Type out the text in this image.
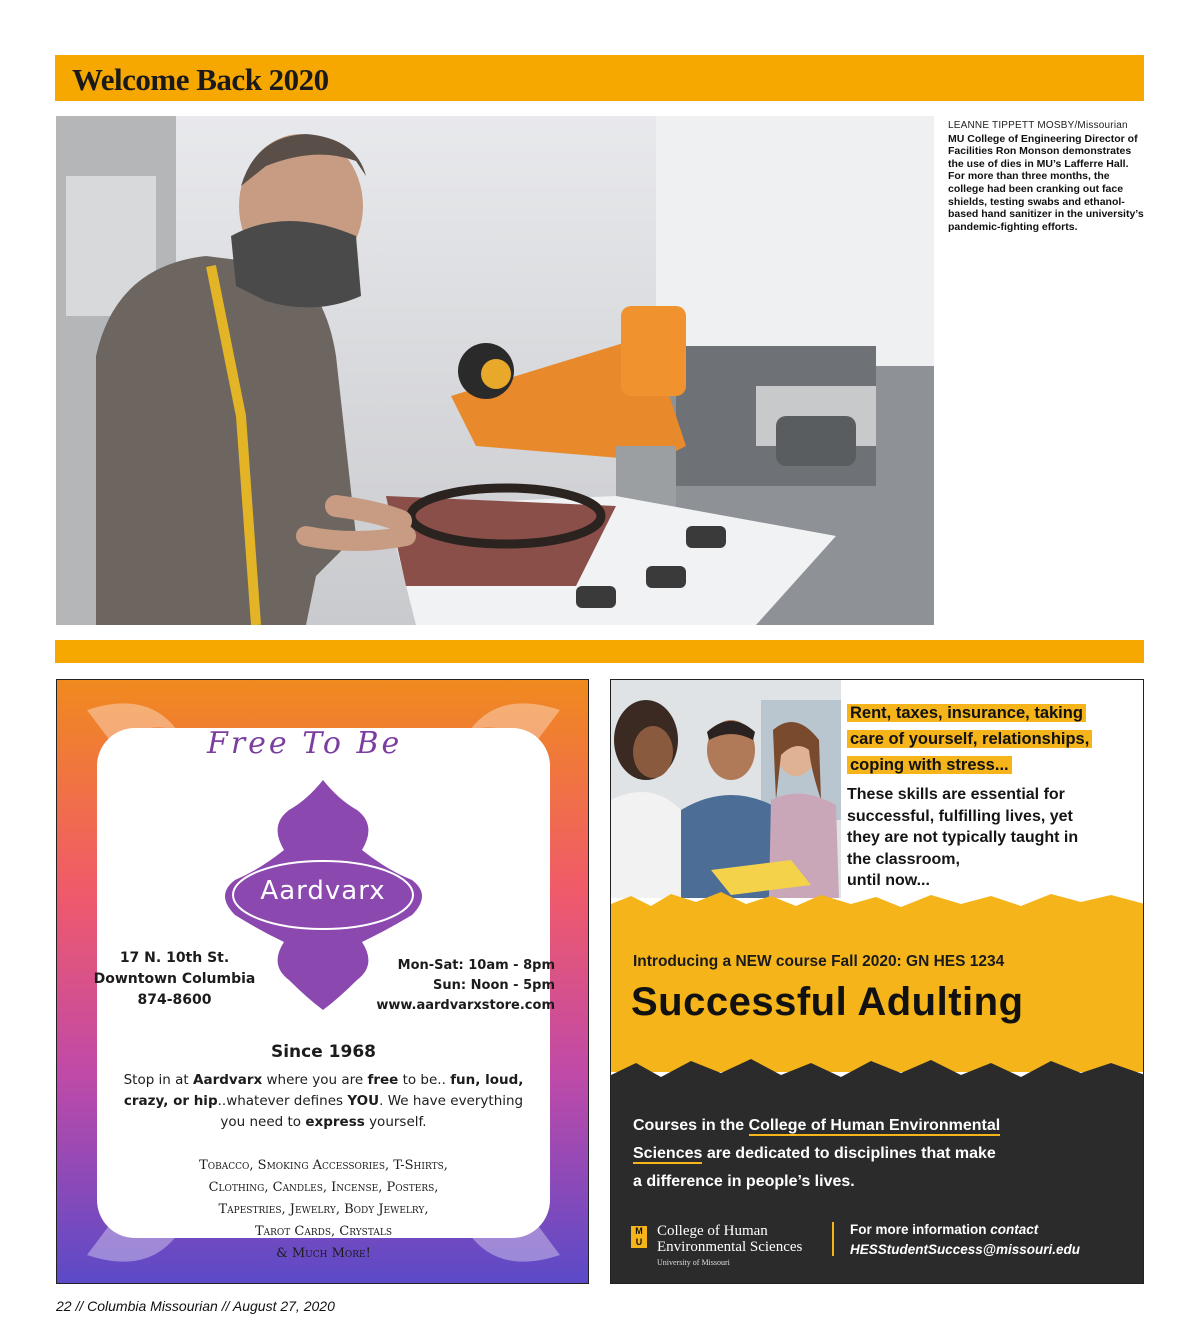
Welcome Back 2020
LEANNE TIPPETT MOSBY/Missourian
MU College of Engineering Director of Facilities Ron Monson demonstrates the use of dies in MU’s Lafferre Hall. For more than three months, the college had been cranking out face shields, testing swabs and ethanol-based hand sanitizer in the university’s pandemic-fighting efforts.
Free To Be
Aardvarx
17 N. 10th St.
Downtown Columbia
874-8600
Mon-Sat: 10am - 8pm
Sun: Noon - 5pm
www.aardvarxstore.com
Since 1968
Stop in at Aardvarx where you are free to be.. fun, loud, crazy, or hip..whatever defines YOU. We have everything you need to express yourself.
Tobacco, Smoking Accessories, T-Shirts,
Clothing, Candles, Incense, Posters,
Tapestries, Jewelry, Body Jewelry,
Tarot Cards, Crystals
& Much More!
Rent, taxes, insurance, taking
care of yourself, relationships,
coping with stress...
These skills are essential for
successful, fulfilling lives, yet
they are not typically taught in
the classroom,
until now...
Introducing a NEW course Fall 2020: GN HES 1234
Successful Adulting
Courses in the College of Human Environmental
Sciences are dedicated to disciplines that make
a difference in people’s lives.
M U
College of Human
Environmental Sciences
University of Missouri
For more information contact
HESStudentSuccess@missouri.edu
22 // Columbia Missourian // August 27, 2020
